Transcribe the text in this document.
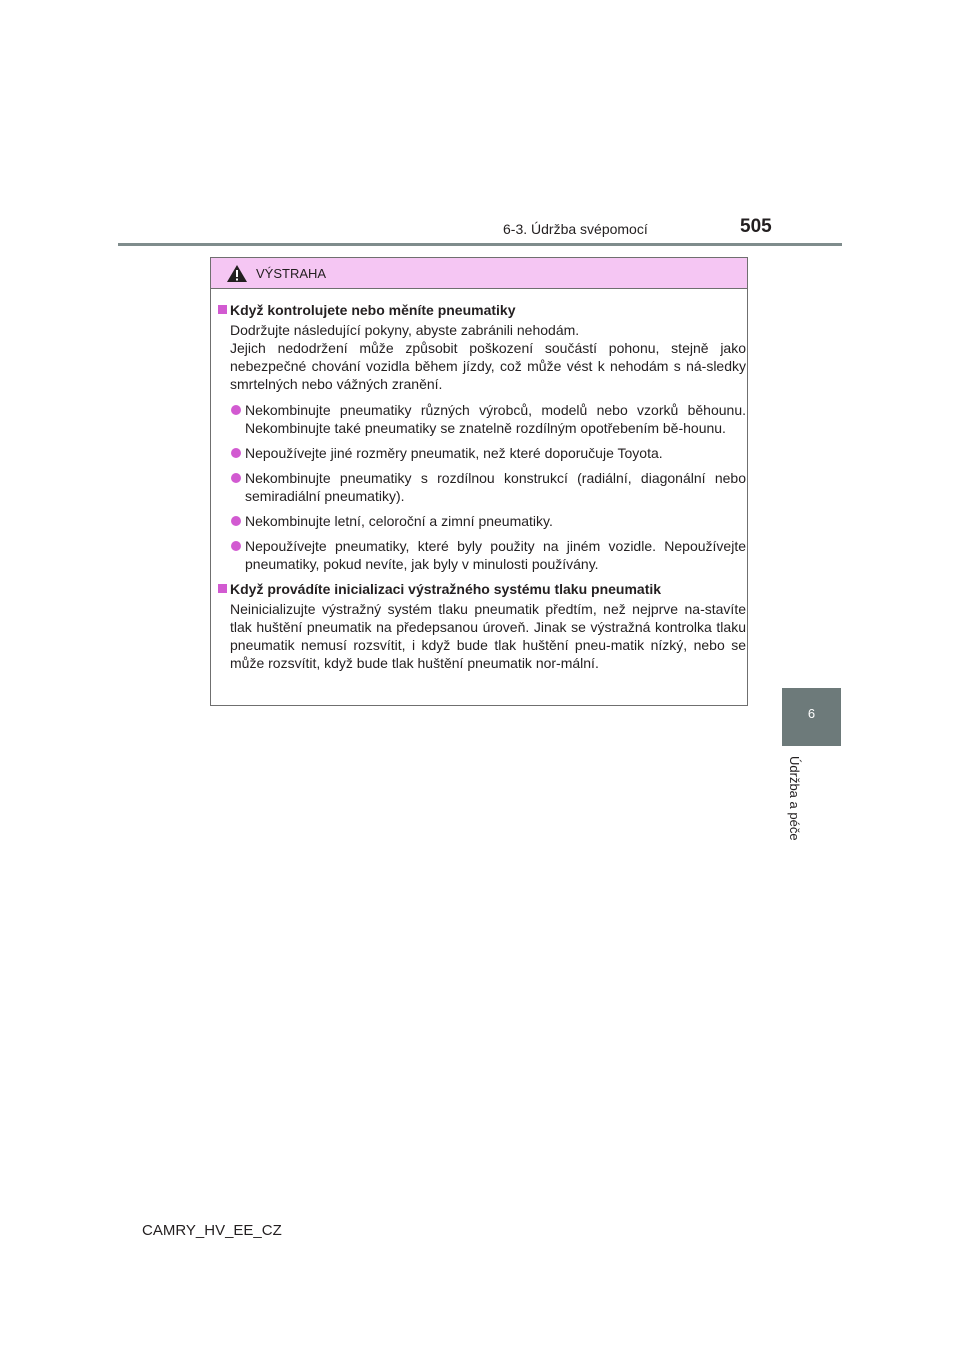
6-3. Údržba svépomocí	505
6
Údržba a péče
VÝSTRAHA
Když kontrolujete nebo měníte pneumatiky
Dodržujte následující pokyny, abyste zabránili nehodám.
Jejich nedodržení může způsobit poškození součástí pohonu, stejně jako nebezpečné chování vozidla během jízdy, což může vést k nehodám s ná-sledky smrtelných nebo vážných zranění.
Nekombinujte pneumatiky různých výrobců, modelů nebo vzorků běhounu. Nekombinujte také pneumatiky se znatelně rozdílným opotřebením bě-hounu.
Nepoužívejte jiné rozměry pneumatik, než které doporučuje Toyota.
Nekombinujte pneumatiky s rozdílnou konstrukcí (radiální, diagonální nebo semiradiální pneumatiky).
Nekombinujte letní, celoroční a zimní pneumatiky.
Nepoužívejte pneumatiky, které byly použity na jiném vozidle. Nepoužívejte pneumatiky, pokud nevíte, jak byly v minulosti používány.
Když provádíte inicializaci výstražného systému tlaku pneumatik
Neinicializujte výstražný systém tlaku pneumatik předtím, než nejprve na-stavíte tlak huštění pneumatik na předepsanou úroveň. Jinak se výstražná kontrolka tlaku pneumatik nemusí rozsvítit, i když bude tlak huštění pneu-matik nízký, nebo se může rozsvítit, když bude tlak huštění pneumatik nor-mální.
CAMRY_HV_EE_CZ
